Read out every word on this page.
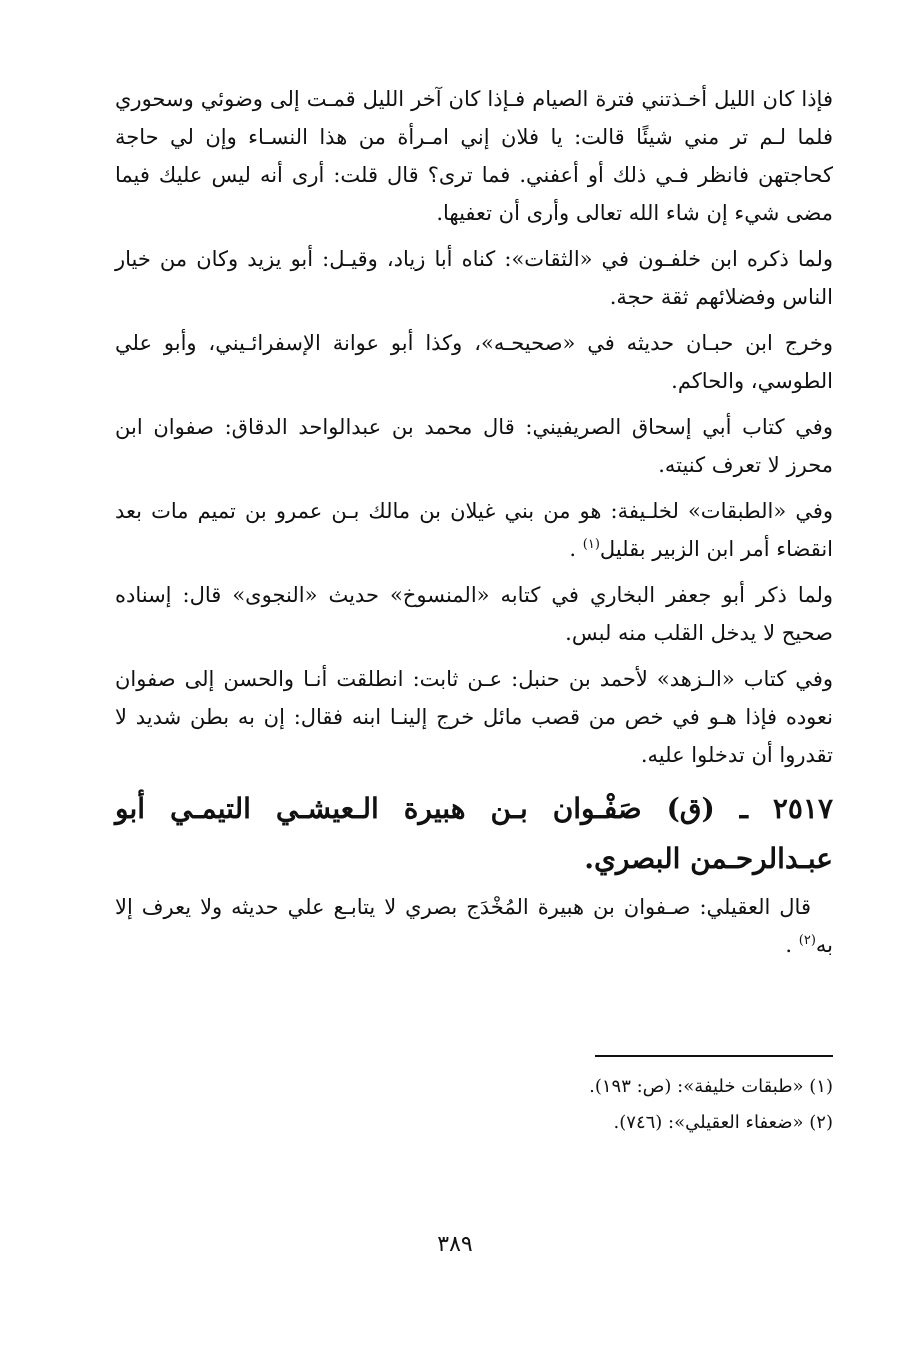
فإذا كان الليل أخـذتني فترة الصيام فـإذا كان آخر الليل قمـت إلى وضوئي وسحوري فلما لـم تر مني شيئًا قالت: يا فلان إني امـرأة من هذا النسـاء وإن لي حاجة كحاجتهن فانظر فـي ذلك أو أعفني. فما ترى؟ قال قلت: أرى أنه ليس عليك فيما مضى شيء إن شاء الله تعالى وأرى أن تعفيها.

ولما ذكره ابن خلفـون في «الثقات»: كناه أبا زياد، وقيـل: أبو يزيد وكان من خيار الناس وفضلائهم ثقة حجة.

وخرج ابن حبـان حديثه في «صحيحـه»، وكذا أبو عوانة الإسفرائـيني، وأبو علي الطوسي، والحاكم.

وفي كتاب أبي إسحاق الصريفيني: قال محمد بن عبدالواحد الدقاق: صفوان ابن محرز لا تعرف كنيته.

وفي «الطبقات» لخلـيفة: هو من بني غيلان بن مالك بـن عمرو بن تميم مات بعد انقضاء أمر ابن الزبير بقليل$^{(١)}$ .

ولما ذكر أبو جعفر البخاري في كتابه «المنسوخ» حديث «النجوى» قال: إسناده صحيح لا يدخل القلب منه لبس.

وفي كتاب «الـزهد» لأحمد بن حنبل: عـن ثابت: انطلقت أنـا والحسن إلى صفوان نعوده فإذا هـو في خص من قصب مائل خرج إلينـا ابنه فقال: إن به بطن شديد لا تقدروا أن تدخلوا عليه.

٢٥١٧ ـ (ق) صَفْـوان بـن هبيرة الـعيشـي التيمـي أبو عبـدالرحـمن البصري.

قال العقيلي: صـفوان بن هبيرة المُخْدَج بصري لا يتابـع علي حديثه ولا يعرف إلا به$^{(٢)}$ .

(١) «طبقات خليفة»: (ص: ١٩٣).
(٢) «ضعفاء العقيلي»: (٧٤٦).
٣٨٩
